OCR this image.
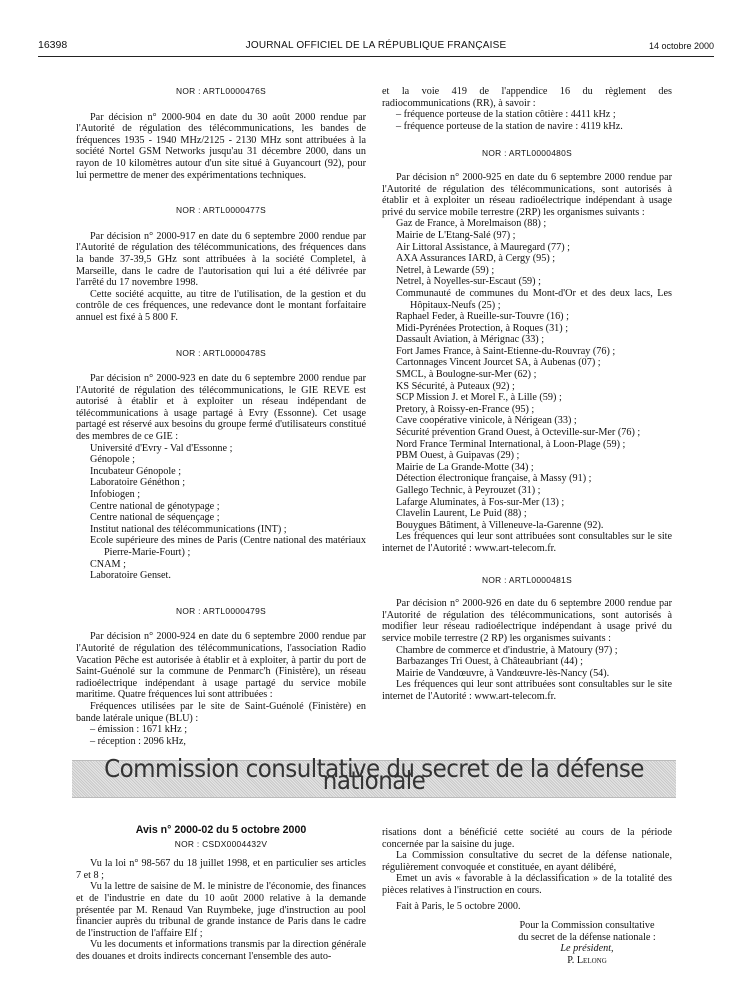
16398	JOURNAL OFFICIEL DE LA RÉPUBLIQUE FRANÇAISE	14 octobre 2000

NOR : ARTL0000476S

Par décision n° 2000-904 en date du 30 août 2000 rendue par l'Autorité de régulation des télécommunications, les bandes de fréquences 1935 - 1940 MHz/2125 - 2130 MHz sont attribuées à la société Nortel GSM Networks jusqu'au 31 décembre 2000, dans un rayon de 10 kilomètres autour d'un site situé à Guyancourt (92), pour lui permettre de mener des expérimentations techniques.

NOR : ARTL0000477S

Par décision n° 2000-917 en date du 6 septembre 2000 rendue par l'Autorité de régulation des télécommunications, des fréquences dans la bande 37-39,5 GHz sont attribuées à la société Completel, à Marseille, dans le cadre de l'autorisation qui lui a été délivrée par l'arrêté du 17 novembre 1998.

Cette société acquitte, au titre de l'utilisation, de la gestion et du contrôle de ces fréquences, une redevance dont le montant forfaitaire annuel est fixé à 5 800 F.

NOR : ARTL0000478S

Par décision n° 2000-923 en date du 6 septembre 2000 rendue par l'Autorité de régulation des télécommunications, le GIE REVE est autorisé à établir et à exploiter un réseau indépendant de télécommunications à usage partagé à Evry (Essonne). Cet usage partagé est réservé aux besoins du groupe fermé d'utilisateurs constitué des membres de ce GIE :

Université d'Evry - Val d'Essonne ;

Génopole ;

Incubateur Génopole ;

Laboratoire Généthon ;

Infobiogen ;

Centre national de génotypage ;

Centre national de séquençage ;

Institut national des télécommunications (INT) ;

Ecole supérieure des mines de Paris (Centre national des matériaux Pierre-Marie-Fourt) ;

CNAM ;

Laboratoire Genset.

NOR : ARTL0000479S

Par décision n° 2000-924 en date du 6 septembre 2000 rendue par l'Autorité de régulation des télécommunications, l'association Radio Vacation Pêche est autorisée à établir et à exploiter, à partir du port de Saint-Guénolé sur la commune de Penmarc'h (Finistère), un réseau radioélectrique indépendant à usage partagé du service mobile maritime. Quatre fréquences lui sont attribuées :

Fréquences utilisées par le site de Saint-Guénolé (Finistère) en bande latérale unique (BLU) :

– émission : 1671 kHz ;

– réception : 2096 kHz,

et la voie 419 de l'appendice 16 du règlement des radiocommunications (RR), à savoir :

– fréquence porteuse de la station côtière : 4411 kHz ;

– fréquence porteuse de la station de navire : 4119 kHz.

NOR : ARTL0000480S

Par décision n° 2000-925 en date du 6 septembre 2000 rendue par l'Autorité de régulation des télécommunications, sont autorisés à établir et à exploiter un réseau radioélectrique indépendant à usage privé du service mobile terrestre (2RP) les organismes suivants :

Gaz de France, à Morelmaison (88) ;

Mairie de L'Etang-Salé (97) ;

Air Littoral Assistance, à Mauregard (77) ;

AXA Assurances IARD, à Cergy (95) ;

Netrel, à Lewarde (59) ;

Netrel, à Noyelles-sur-Escaut (59) ;

Communauté de communes du Mont-d'Or et des deux lacs, Les Hôpitaux-Neufs (25) ;

Raphael Feder, à Rueille-sur-Touvre (16) ;

Midi-Pyrénées Protection, à Roques (31) ;

Dassault Aviation, à Mérignac (33) ;

Fort James France, à Saint-Etienne-du-Rouvray (76) ;

Cartonnages Vincent Jourcet SA, à Aubenas (07) ;

SMCL, à Boulogne-sur-Mer (62) ;

KS Sécurité, à Puteaux (92) ;

SCP Mission J. et Morel F., à Lille (59) ;

Pretory, à Roissy-en-France (95) ;

Cave coopérative vinicole, à Nérigean (33) ;

Sécurité prévention Grand Ouest, à Octeville-sur-Mer (76) ;

Nord France Terminal International, à Loon-Plage (59) ;

PBM Ouest, à Guipavas (29) ;

Mairie de La Grande-Motte (34) ;

Détection électronique française, à Massy (91) ;

Gallego Technic, à Peyrouzet (31) ;

Lafarge Aluminates, à Fos-sur-Mer (13) ;

Clavelin Laurent, Le Puid (88) ;

Bouygues Bâtiment, à Villeneuve-la-Garenne (92).

Les fréquences qui leur sont attribuées sont consultables sur le site internet de l'Autorité : www.art-telecom.fr.

NOR : ARTL0000481S

Par décision n° 2000-926 en date du 6 septembre 2000 rendue par l'Autorité de régulation des télécommunications, sont autorisés à modifier leur réseau radioélectrique indépendant à usage privé du service mobile terrestre (2 RP) les organismes suivants :

Chambre de commerce et d'industrie, à Matoury (97) ;

Barbazanges Tri Ouest, à Châteaubriant (44) ;

Mairie de Vandœuvre, à Vandœuvre-lès-Nancy (54).

Les fréquences qui leur sont attribuées sont consultables sur le site internet de l'Autorité : www.art-telecom.fr.

Commission consultative du secret de la défense nationale

Avis n° 2000-02 du 5 octobre 2000

NOR : CSDX0004432V

Vu la loi n° 98-567 du 18 juillet 1998, et en particulier ses articles 7 et 8 ;

Vu la lettre de saisine de M. le ministre de l'économie, des finances et de l'industrie en date du 10 août 2000 relative à la demande présentée par M. Renaud Van Ruymbeke, juge d'instruction au pool financier auprès du tribunal de grande instance de Paris dans le cadre de l'instruction de l'affaire Elf ;

Vu les documents et informations transmis par la direction générale des douanes et droits indirects concernant l'ensemble des auto-

risations dont a bénéficié cette société au cours de la période concernée par la saisine du juge.

La Commission consultative du secret de la défense nationale, régulièrement convoquée et constituée, en ayant délibéré,

Emet un avis « favorable à la déclassification » de la totalité des pièces relatives à l'instruction en cours.

Fait à Paris, le 5 octobre 2000.

Pour la Commission consultative

du secret de la défense nationale :

Le président,

P. Lelong
